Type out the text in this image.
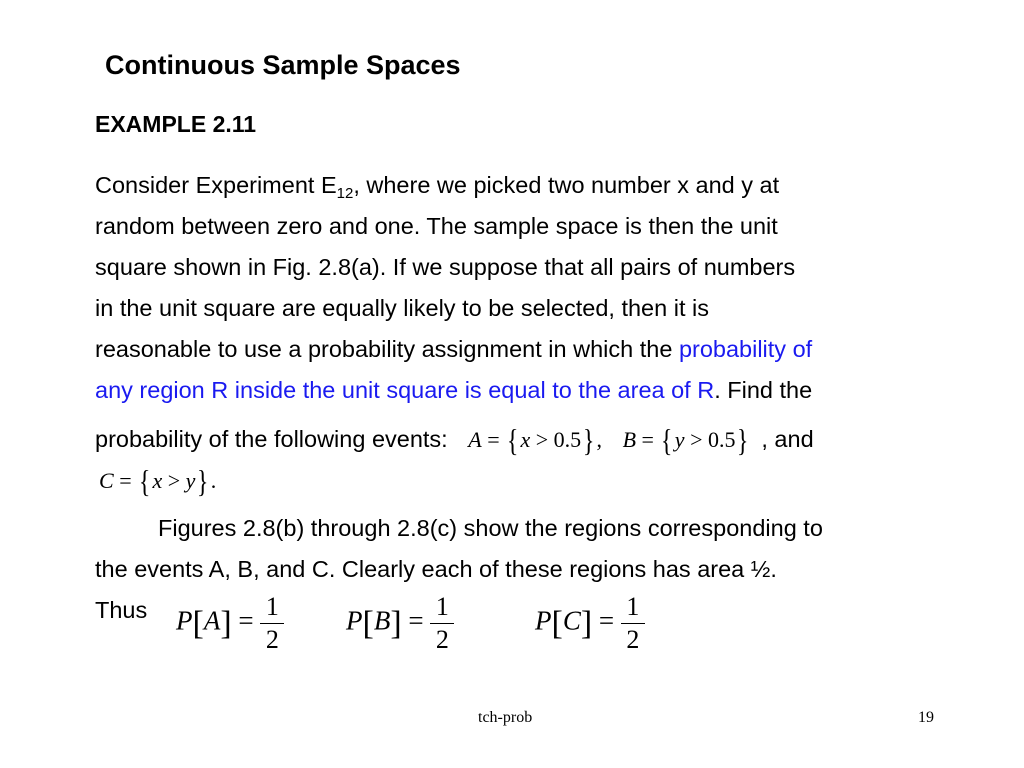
Continuous Sample Spaces
EXAMPLE 2.11
Consider Experiment $E_{12}$, where we picked two number x and y at
random between zero and one. The sample space is then the unit
square shown in Fig. 2.8(a). If we suppose that all pairs of numbers
in the unit square are equally likely to be selected, then it is
reasonable to use a probability assignment in which the probability of
any region R inside the unit square is equal to the area of R. Find the
probability of the following events: A = {x > 0.5}, B = {y > 0.5} , and
C = {x > y}.
Figures 2.8(b) through 2.8(c) show the regions corresponding to
the events A, B, and C. Clearly each of these regions has area ½.
Thus $P[A] = \frac{1}{2} P[B] = \frac{1}{2}$	$P[C] = \frac{1}{2}$
tch-prob	19
